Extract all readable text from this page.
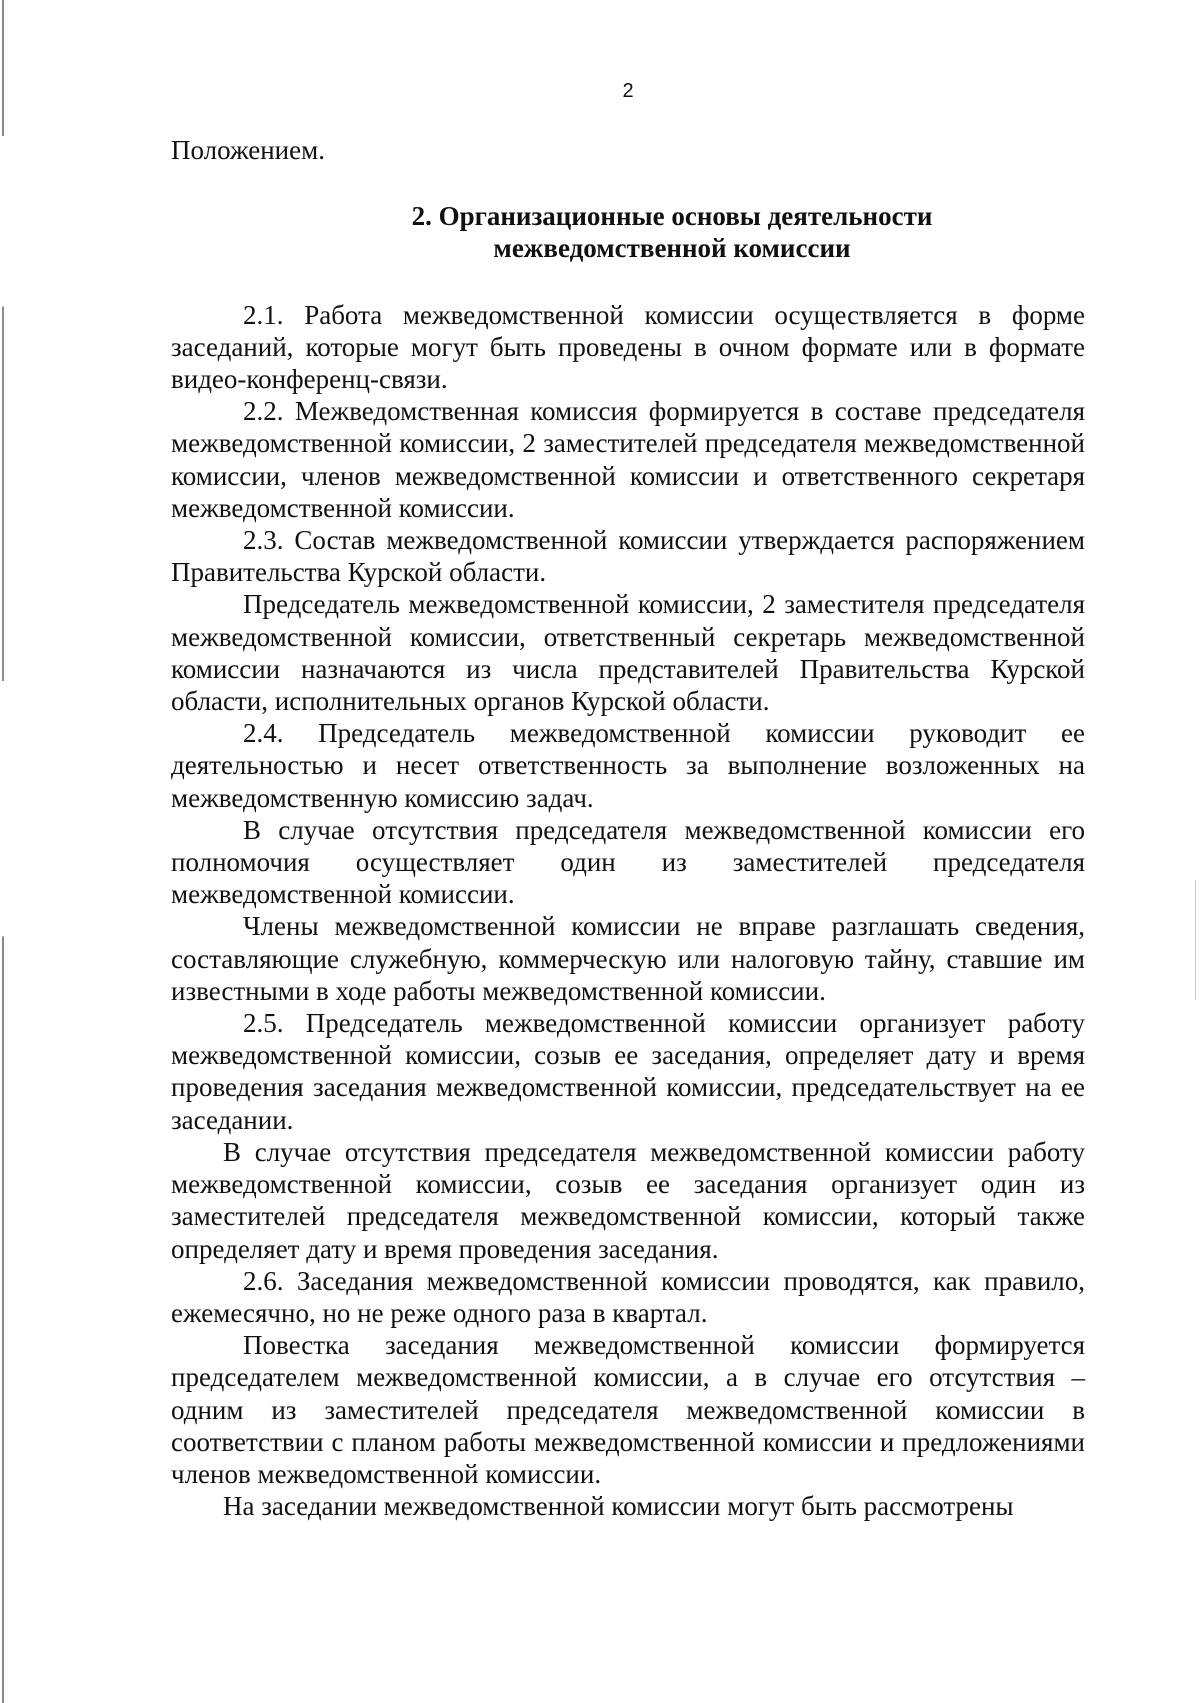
2

Положением.

2. Организационные основы деятельности
межведомственной комиссии

2.1. Работа межведомственной комиссии осуществляется в форме заседаний, которые могут быть проведены в очном формате или в формате видео-конференц-связи.

2.2. Межведомственная комиссия формируется в составе председателя межведомственной комиссии, 2 заместителей председателя межведомственной комиссии, членов межведомственной комиссии и ответственного секретаря межведомственной комиссии.

2.3. Состав межведомственной комиссии утверждается распоряжением Правительства Курской области.

Председатель межведомственной комиссии, 2 заместителя председателя межведомственной комиссии, ответственный секретарь межведомственной комиссии назначаются из числа представителей Правительства Курской области, исполнительных органов Курской области.

2.4. Председатель межведомственной комиссии руководит ее деятельностью и несет ответственность за выполнение возложенных на межведомственную комиссию задач.

В случае отсутствия председателя межведомственной комиссии его полномочия осуществляет один из заместителей председателя межведомственной комиссии.

Члены межведомственной комиссии не вправе разглашать сведения, составляющие служебную, коммерческую или налоговую тайну, ставшие им известными в ходе работы межведомственной комиссии.

2.5. Председатель межведомственной комиссии организует работу межведомственной комиссии, созыв ее заседания, определяет дату и время проведения заседания межведомственной комиссии, председательствует на ее заседании.

В случае отсутствия председателя межведомственной комиссии работу межведомственной комиссии, созыв ее заседания организует один из заместителей председателя межведомственной комиссии, который также определяет дату и время проведения заседания.

2.6. Заседания межведомственной комиссии проводятся, как правило, ежемесячно, но не реже одного раза в квартал.

Повестка заседания межведомственной комиссии формируется председателем межведомственной комиссии, а в случае его отсутствия – одним из заместителей председателя межведомственной комиссии в соответствии с планом работы межведомственной комиссии и предложениями членов межведомственной комиссии.

На заседании межведомственной комиссии могут быть рассмотрены
